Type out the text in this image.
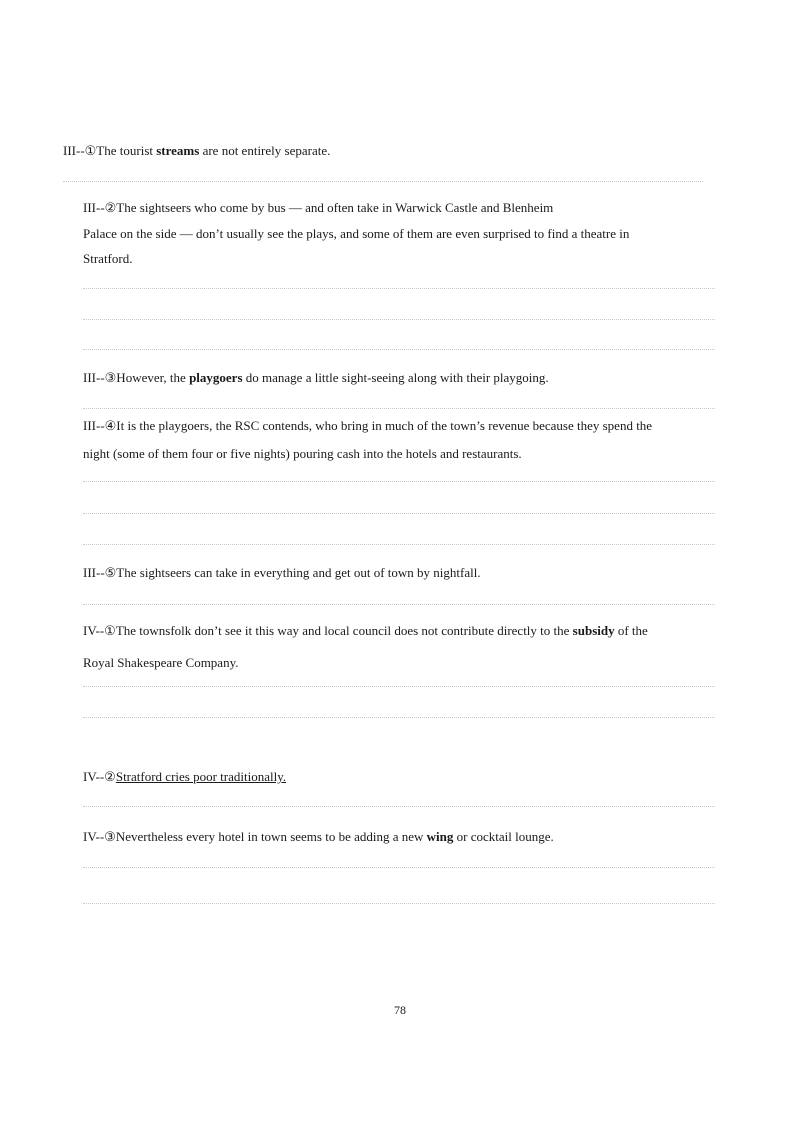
III--①The tourist streams are not entirely separate.
III--②The sightseers who come by bus — and often take in Warwick Castle and Blenheim
Palace on the side — don’t usually see the plays, and some of them are even surprised to find a theatre in
Stratford.
III--③However, the playgoers do manage a little sight-seeing along with their playgoing.
III--④It is the playgoers, the RSC contends, who bring in much of the town’s revenue because they spend the
night (some of them four or five nights) pouring cash into the hotels and restaurants.
III--⑤The sightseers can take in everything and get out of town by nightfall.
IV--①The townsfolk don’t see it this way and local council does not contribute directly to the subsidy of the
Royal Shakespeare Company.
IV--②Stratford cries poor traditionally.
IV--③Nevertheless every hotel in town seems to be adding a new wing or cocktail lounge.
78
